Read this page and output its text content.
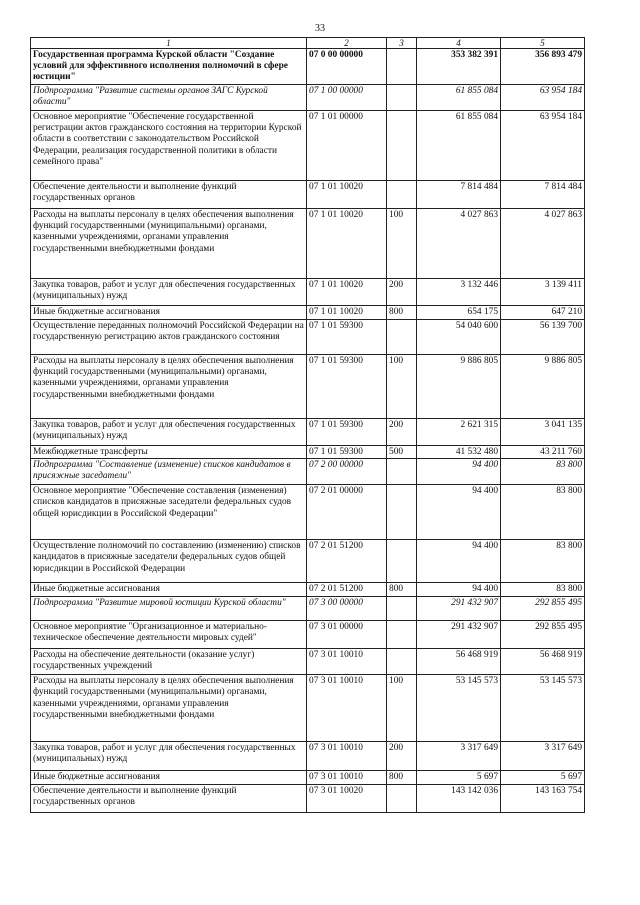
33
1	2	3	4	5
Государственная программа Курской области "Создание условий для эффективного исполнения полномочий в сфере юстиции"	07 0 00 00000		353 382 391	356 893 479
Подпрограмма "Развитие системы органов ЗАГС Курской области"	07 1 00 00000		61 855 084	63 954 184
Основное мероприятие "Обеспечение государственной регистрации актов гражданского состояния на территории Курской области в соответствии с законодательством Российской Федерации, реализация государственной политики в области семейного права"	07 1 01 00000		61 855 084	63 954 184
Обеспечение деятельности и выполнение функций государственных органов	07 1 01 10020		7 814 484	7 814 484
Расходы на выплаты персоналу в целях обеспечения выполнения функций государственными (муниципальными) органами, казенными учреждениями, органами управления государственными внебюджетными фондами	07 1 01 10020	100	4 027 863	4 027 863
Закупка товаров, работ и услуг для обеспечения государственных (муниципальных) нужд	07 1 01 10020	200	3 132 446	3 139 411
Иные бюджетные ассигнования	07 1 01 10020	800	654 175	647 210
Осуществление переданных полномочий Российской Федерации на государственную регистрацию актов гражданского состояния	07 1 01 59300		54 040 600	56 139 700
Расходы на выплаты персоналу в целях обеспечения выполнения функций государственными (муниципальными) органами, казенными учреждениями, органами управления государственными внебюджетными фондами	07 1 01 59300	100	9 886 805	9 886 805
Закупка товаров, работ и услуг для обеспечения государственных (муниципальных) нужд	07 1 01 59300	200	2 621 315	3 041 135
Межбюджетные трансферты	07 1 01 59300	500	41 532 480	43 211 760
Подпрограмма "Составление (изменение) списков кандидатов в присяжные заседатели"	07 2 00 00000		94 400	83 800
Основное мероприятие "Обеспечение составления (изменения) списков кандидатов в присяжные заседатели федеральных судов общей юрисдикции в Российской Федерации"	07 2 01 00000		94 400	83 800
Осуществление полномочий по составлению (изменению) списков кандидатов в присяжные заседатели федеральных судов общей юрисдикции в Российской Федерации	07 2 01 51200		94 400	83 800
Иные бюджетные ассигнования	07 2 01 51200	800	94 400	83 800
Подпрограмма "Развитие мировой юстиции Курской области"	07 3 00 00000		291 432 907	292 855 495
Основное мероприятие "Организационное и материально-техническое обеспечение деятельности мировых судей"	07 3 01 00000		291 432 907	292 855 495
Расходы на обеспечение деятельности (оказание услуг) государственных учреждений	07 3 01 10010		56 468 919	56 468 919
Расходы на выплаты персоналу в целях обеспечения выполнения функций государственными (муниципальными) органами, казенными учреждениями, органами управления государственными внебюджетными фондами	07 3 01 10010	100	53 145 573	53 145 573
Закупка товаров, работ и услуг для обеспечения государственных (муниципальных) нужд	07 3 01 10010	200	3 317 649	3 317 649
Иные бюджетные ассигнования	07 3 01 10010	800	5 697	5 697
Обеспечение деятельности и выполнение функций государственных органов	07 3 01 10020		143 142 036	143 163 754
